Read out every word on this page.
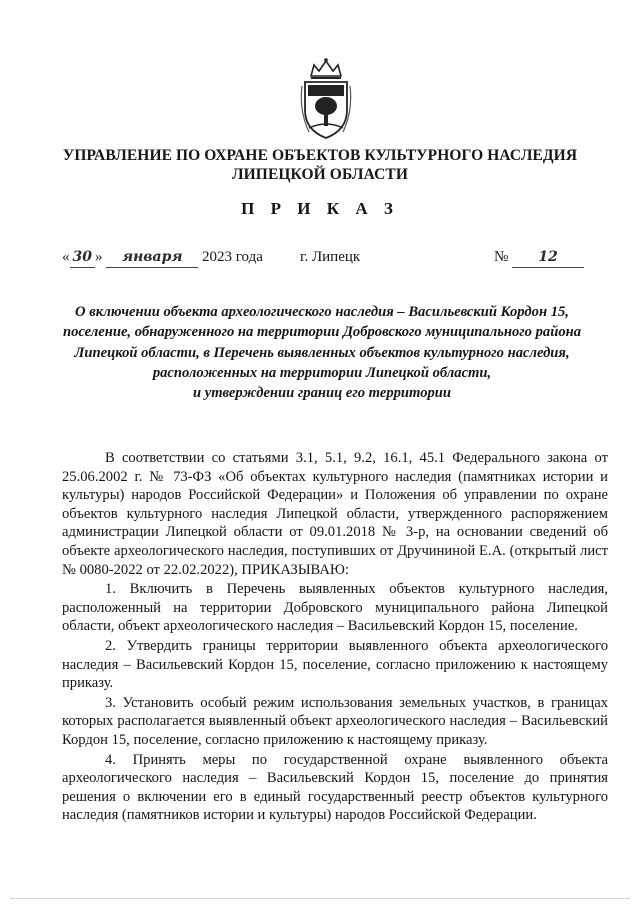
УПРАВЛЕНИЕ ПО ОХРАНЕ ОБЪЕКТОВ КУЛЬТУРНОГО НАСЛЕДИЯ
ЛИПЕЦКОЙ ОБЛАСТИ
П Р И К А З
« 30 » января 2023 года г. Липецк	№ 12
О включении объекта археологического наследия – Васильевский Кордон 15,
поселение, обнаруженного на территории Добровского муниципального района
Липецкой области, в Перечень выявленных объектов культурного наследия,
расположенных на территории Липецкой области,
и утверждении границ его территории

В соответствии со статьями 3.1, 5.1, 9.2, 16.1, 45.1 Федерального закона от 25.06.2002 г. № 73-ФЗ «Об объектах культурного наследия (памятниках истории и культуры) народов Российской Федерации» и Положения об управлении по охране объектов культурного наследия Липецкой области, утвержденного распоряжением администрации Липецкой области от 09.01.2018 № 3-р, на основании сведений об объекте археологического наследия, поступивших от Дручининой Е.А. (открытый лист № 0080-2022 от 22.02.2022), ПРИКАЗЫВАЮ:

1. Включить в Перечень выявленных объектов культурного наследия, расположенный на территории Добровского муниципального района Липецкой области, объект археологического наследия – Васильевский Кордон 15, поселение.

2. Утвердить границы территории выявленного объекта археологического наследия – Васильевский Кордон 15, поселение, согласно приложению к настоящему приказу.

3. Установить особый режим использования земельных участков, в границах которых располагается выявленный объект археологического наследия – Васильевский Кордон 15, поселение, согласно приложению к настоящему приказу.

4. Принять меры по государственной охране выявленного объекта археологического наследия – Васильевский Кордон 15, поселение до принятия решения о включении его в единый государственный реестр объектов культурного наследия (памятников истории и культуры) народов Российской Федерации.
